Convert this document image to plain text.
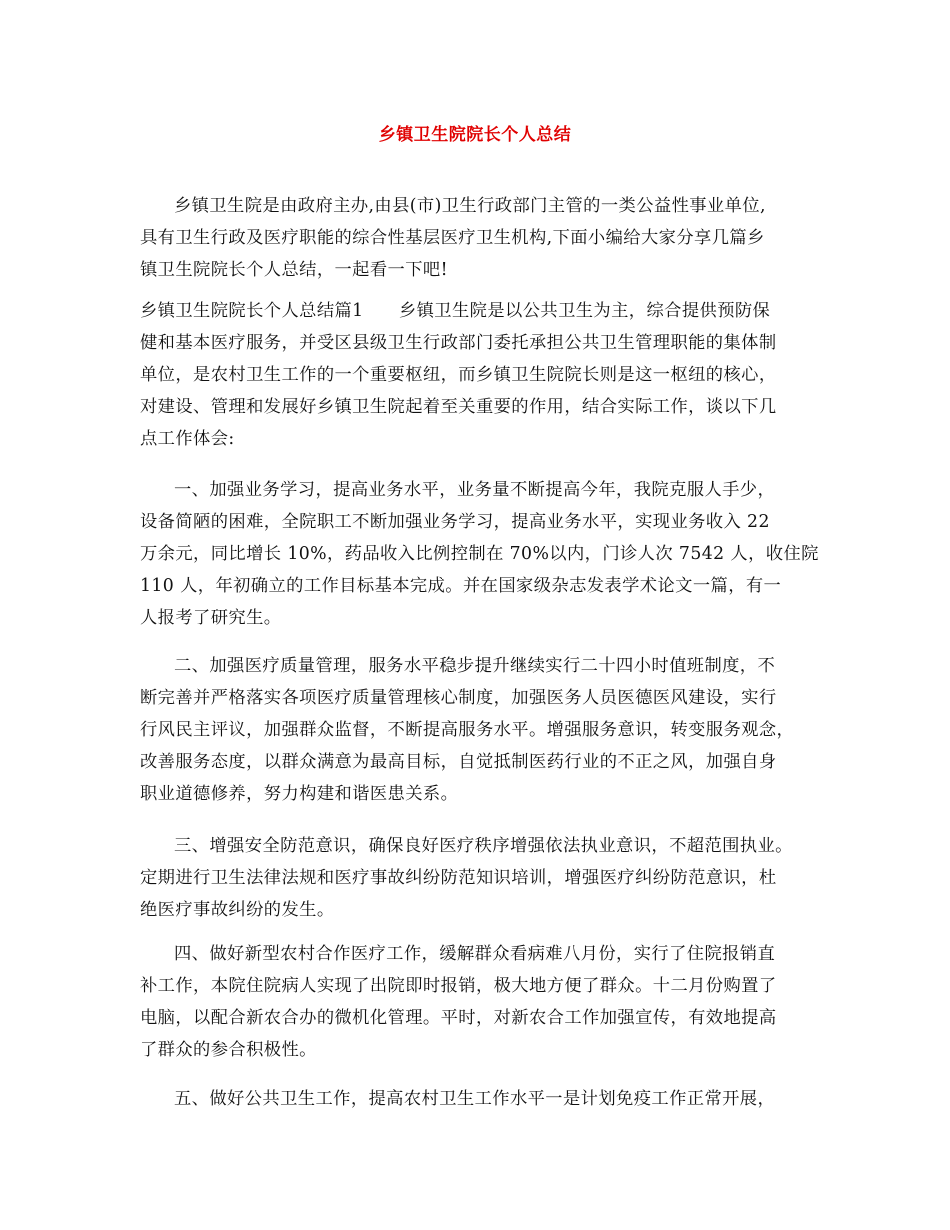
乡镇卫生院院长个人总结
乡镇卫生院是由政府主办,由县(市)卫生行政部门主管的一类公益性事业单位,
具有卫生行政及医疗职能的综合性基层医疗卫生机构,下面小编给大家分享几篇乡
镇卫生院院长个人总结，一起看一下吧!
乡镇卫生院院长个人总结篇1　　乡镇卫生院是以公共卫生为主，综合提供预防保
健和基本医疗服务，并受区县级卫生行政部门委托承担公共卫生管理职能的集体制
单位，是农村卫生工作的一个重要枢纽，而乡镇卫生院院长则是这一枢纽的核心，
对建设、管理和发展好乡镇卫生院起着至关重要的作用，结合实际工作，谈以下几
点工作体会:
一、加强业务学习，提高业务水平，业务量不断提高今年，我院克服人手少，
设备简陋的困难，全院职工不断加强业务学习，提高业务水平，实现业务收入 22
万余元，同比增长 10%，药品收入比例控制在 70%以内，门诊人次 7542 人，收住院
110 人，年初确立的工作目标基本完成。并在国家级杂志发表学术论文一篇，有一
人报考了研究生。
二、加强医疗质量管理，服务水平稳步提升继续实行二十四小时值班制度，不
断完善并严格落实各项医疗质量管理核心制度，加强医务人员医德医风建设，实行
行风民主评议，加强群众监督，不断提高服务水平。增强服务意识，转变服务观念，
改善服务态度，以群众满意为最高目标，自觉抵制医药行业的不正之风，加强自身
职业道德修养，努力构建和谐医患关系。
三、增强安全防范意识，确保良好医疗秩序增强依法执业意识，不超范围执业。
定期进行卫生法律法规和医疗事故纠纷防范知识培训，增强医疗纠纷防范意识，杜
绝医疗事故纠纷的发生。
四、做好新型农村合作医疗工作，缓解群众看病难八月份，实行了住院报销直
补工作，本院住院病人实现了出院即时报销，极大地方便了群众。十二月份购置了
电脑，以配合新农合办的微机化管理。平时，对新农合工作加强宣传，有效地提高
了群众的参合积极性。
五、做好公共卫生工作，提高农村卫生工作水平一是计划免疫工作正常开展，
